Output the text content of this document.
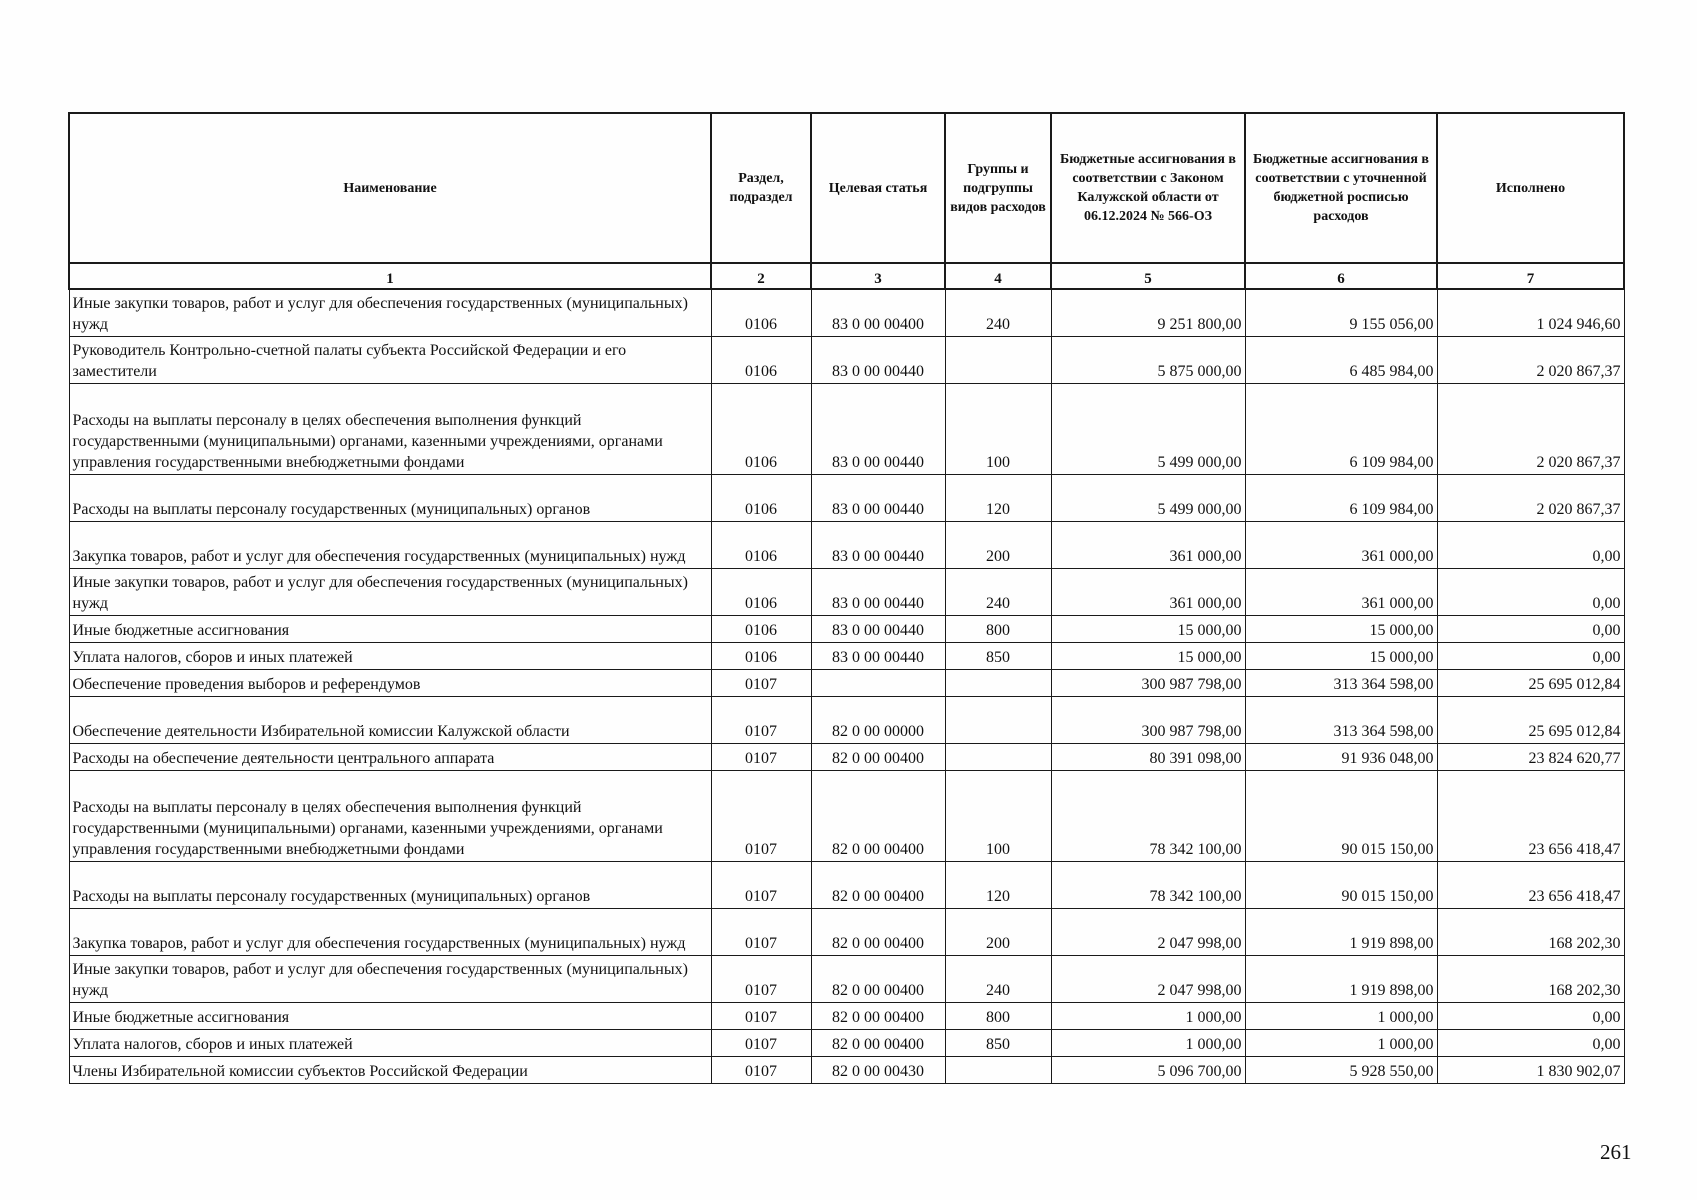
Наименование	Раздел, подраздел	Целевая статья	Группы и подгруппы видов расходов	Бюджетные ассигнования в соответствии с Законом Калужской области от 06.12.2024 № 566-ОЗ	Бюджетные ассигнования в соответствии с уточненной бюджетной росписью расходов	Исполнено
1	2	3	4	5	6	7
Иные закупки товаров, работ и услуг для обеспечения государственных (муниципальных) нужд	0106	83 0 00 00400	240	9 251 800,00	9 155 056,00	1 024 946,60
Руководитель Контрольно-счетной палаты субъекта Российской Федерации и его заместители	0106	83 0 00 00440		5 875 000,00	6 485 984,00	2 020 867,37
Расходы на выплаты персоналу в целях обеспечения выполнения функций государственными (муниципальными) органами, казенными учреждениями, органами управления государственными внебюджетными фондами	0106	83 0 00 00440	100	5 499 000,00	6 109 984,00	2 020 867,37
Расходы на выплаты персоналу государственных (муниципальных) органов	0106	83 0 00 00440	120	5 499 000,00	6 109 984,00	2 020 867,37
Закупка товаров, работ и услуг для обеспечения государственных (муниципальных) нужд	0106	83 0 00 00440	200	361 000,00	361 000,00	0,00
Иные закупки товаров, работ и услуг для обеспечения государственных (муниципальных) нужд	0106	83 0 00 00440	240	361 000,00	361 000,00	0,00
Иные бюджетные ассигнования	0106	83 0 00 00440	800	15 000,00	15 000,00	0,00
Уплата налогов, сборов и иных платежей	0106	83 0 00 00440	850	15 000,00	15 000,00	0,00
Обеспечение проведения выборов и референдумов	0107			300 987 798,00	313 364 598,00	25 695 012,84
Обеспечение деятельности Избирательной комиссии Калужской области	0107	82 0 00 00000		300 987 798,00	313 364 598,00	25 695 012,84
Расходы на обеспечение деятельности центрального аппарата	0107	82 0 00 00400		80 391 098,00	91 936 048,00	23 824 620,77
Расходы на выплаты персоналу в целях обеспечения выполнения функций государственными (муниципальными) органами, казенными учреждениями, органами управления государственными внебюджетными фондами	0107	82 0 00 00400	100	78 342 100,00	90 015 150,00	23 656 418,47
Расходы на выплаты персоналу государственных (муниципальных) органов	0107	82 0 00 00400	120	78 342 100,00	90 015 150,00	23 656 418,47
Закупка товаров, работ и услуг для обеспечения государственных (муниципальных) нужд	0107	82 0 00 00400	200	2 047 998,00	1 919 898,00	168 202,30
Иные закупки товаров, работ и услуг для обеспечения государственных (муниципальных) нужд	0107	82 0 00 00400	240	2 047 998,00	1 919 898,00	168 202,30
Иные бюджетные ассигнования	0107	82 0 00 00400	800	1 000,00	1 000,00	0,00
Уплата налогов, сборов и иных платежей	0107	82 0 00 00400	850	1 000,00	1 000,00	0,00
Члены Избирательной комиссии субъектов Российской Федерации	0107	82 0 00 00430		5 096 700,00	5 928 550,00	1 830 902,07
261
